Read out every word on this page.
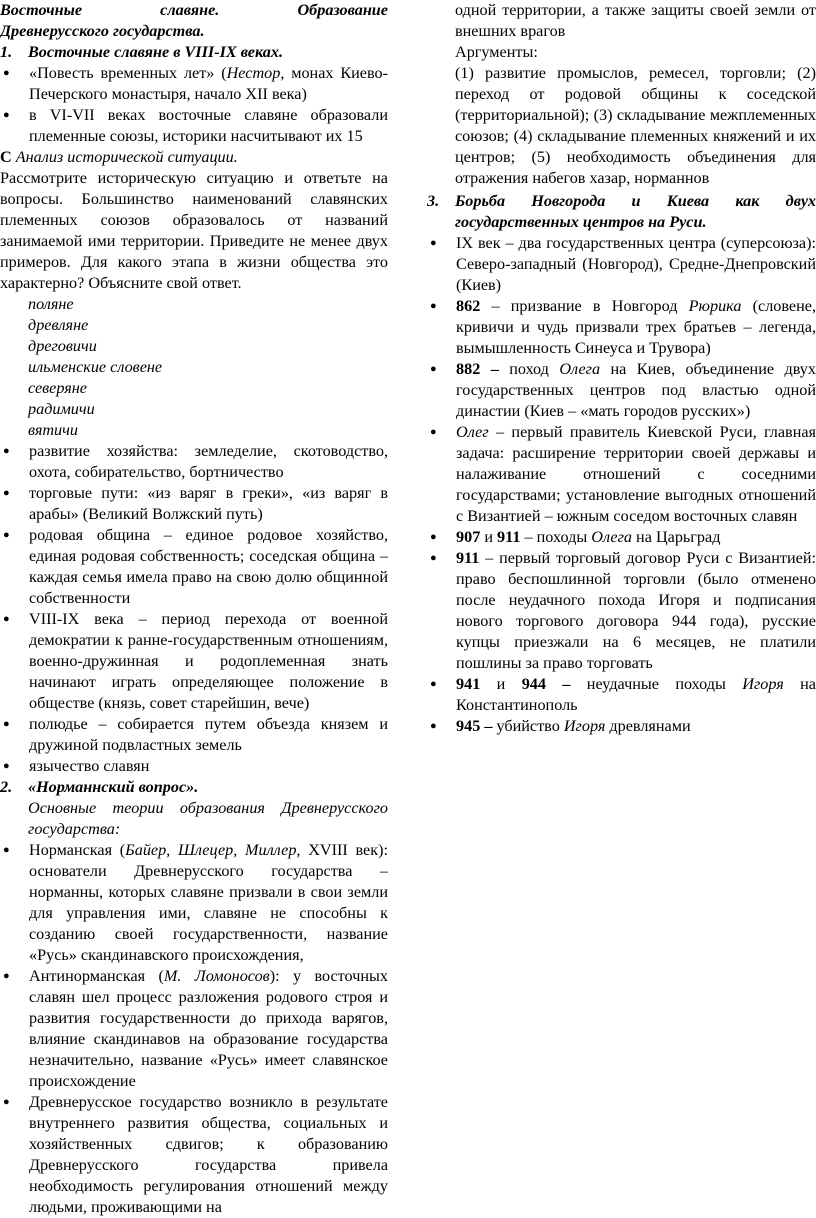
Восточные славяне. Образование

Древнерусского государства.

1. Восточные славяне в VIII-IX веках.

● «Повесть временных лет» (Нестор, монах Киево-Печерского монастыря, начало XII века)
● в VI-VII веках восточные славяне образовали племенные союзы, историки насчитывают их 15

С Анализ исторической ситуации.

Рассмотрите историческую ситуацию и ответьте на вопросы. Большинство наименований славянских племенных союзов образовалось от названий занимаемой ими территории. Приведите не менее двух примеров. Для какого этапа в жизни общества это характерно? Объясните свой ответ.

поляне
древляне
дреговичи
ильменские словене
северяне
радимичи
вятичи
● развитие хозяйства: земледелие, скотоводство, охота, собирательство, бортничество
● торговые пути: «из варяг в греки», «из варяг в арабы» (Великий Волжский путь)
● родовая община – единое родовое хозяйство, единая родовая собственность; соседская община – каждая семья имела право на свою долю общинной собственности
● VIII-IX века – период перехода от военной демократии к ранне-государственным отношениям, военно-дружинная и родоплеменная знать начинают играть определяющее положение в обществе (князь, совет старейшин, вече)
● полюдье – собирается путем объезда князем и дружиной подвластных земель
● язычество славян

2. «Норманнский вопрос».

Основные теории образования Древнерусского государства:

● Норманская (Байер, Шлецер, Миллер, XVIII век): основатели Древнерусского государства – норманны, которых славяне призвали в свои земли для управления ими, славяне не способны к созданию своей государственности, название «Русь» скандинавского происхождения,
● Антинорманская (М. Ломоносов): у восточных славян шел процесс разложения родового строя и развития государственности до прихода варягов, влияние скандинавов на образование государства незначительно, название «Русь» имеет славянское происхождение
● Древнерусское государство возникло в результате внутреннего развития общества, социальных и хозяйственных сдвигов; к образованию Древнерусского государства привела необходимость регулирования отношений между людьми, проживающими на

одной территории, а также защиты своей земли от внешних врагов

Аргументы:

(1) развитие промыслов, ремесел, торговли; (2) переход от родовой общины к соседской (территориальной); (3) складывание межплеменных союзов; (4) складывание племенных княжений и их центров; (5) необходимость объединения для отражения набегов хазар, норманнов

3. Борьба Новгорода и Киева как двух государственных центров на Руси.

● IX век – два государственных центра (суперсоюза): Северо-западный (Новгород), Средне-Днепровский (Киев)
● 862 – призвание в Новгород Рюрика (словене, кривичи и чудь призвали трех братьев – легенда, вымышленность Синеуса и Трувора)
● 882 – поход Олега на Киев, объединение двух государственных центров под властью одной династии (Киев – «мать городов русских»)
● Олег – первый правитель Киевской Руси, главная задача: расширение территории своей державы и налаживание отношений с соседними государствами; установление выгодных отношений с Византией – южным соседом восточных славян
● 907 и 911 – походы Олега на Царьград
● 911 – первый торговый договор Руси с Византией: право беспошлинной торговли (было отменено после неудачного похода Игоря и подписания нового торгового договора 944 года), русские купцы приезжали на 6 месяцев, не платили пошлины за право торговать
● 941 и 944 – неудачные походы Игоря на Константинополь
● 945 – убийство Игоря древлянами
